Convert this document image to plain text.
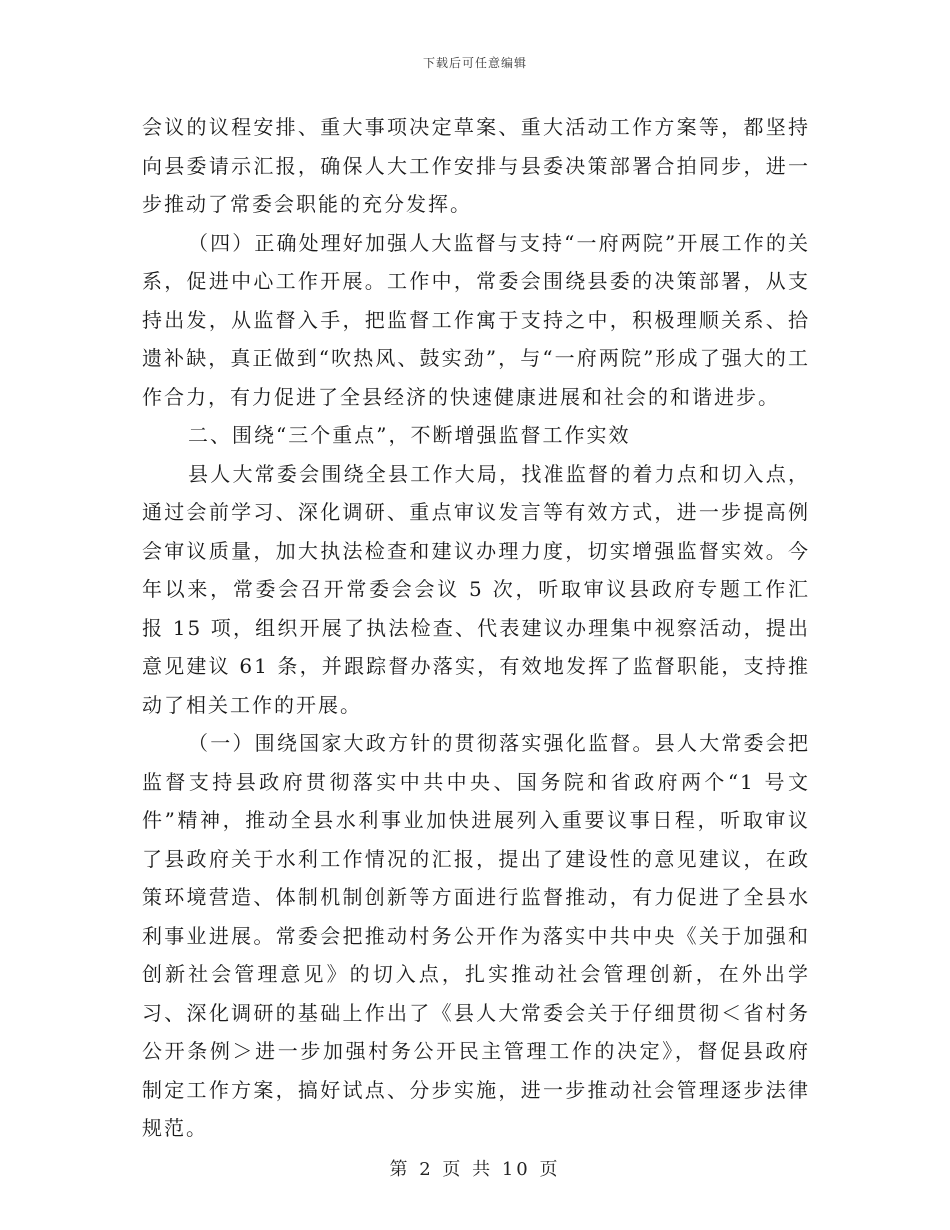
下载后可任意编辑

会议的议程安排、重大事项决定草案、重大活动工作方案等，都坚持向县委请示汇报，确保人大工作安排与县委决策部署合拍同步，进一步推动了常委会职能的充分发挥。

（四）正确处理好加强人大监督与支持“一府两院”开展工作的关系，促进中心工作开展。工作中，常委会围绕县委的决策部署，从支持出发，从监督入手，把监督工作寓于支持之中，积极理顺关系、拾遗补缺，真正做到“吹热风、鼓实劲”，与“一府两院”形成了强大的工作合力，有力促进了全县经济的快速健康进展和社会的和谐进步。

二、围绕“三个重点”，不断增强监督工作实效

县人大常委会围绕全县工作大局，找准监督的着力点和切入点，通过会前学习、深化调研、重点审议发言等有效方式，进一步提高例会审议质量，加大执法检查和建议办理力度，切实增强监督实效。今年以来，常委会召开常委会会议 5 次，听取审议县政府专题工作汇报 15 项，组织开展了执法检查、代表建议办理集中视察活动，提出意见建议 61 条，并跟踪督办落实，有效地发挥了监督职能，支持推动了相关工作的开展。

（一）围绕国家大政方针的贯彻落实强化监督。县人大常委会把监督支持县政府贯彻落实中共中央、国务院和省政府两个“1 号文件”精神，推动全县水利事业加快进展列入重要议事日程，听取审议了县政府关于水利工作情况的汇报，提出了建设性的意见建议，在政策环境营造、体制机制创新等方面进行监督推动，有力促进了全县水利事业进展。常委会把推动村务公开作为落实中共中央《关于加强和创新社会管理意见》的切入点，扎实推动社会管理创新，在外出学习、深化调研的基础上作出了《县人大常委会关于仔细贯彻＜省村务公开条例＞进一步加强村务公开民主管理工作的决定》，督促县政府制定工作方案，搞好试点、分步实施，进一步推动社会管理逐步法律规范。

第 2 页 共 10 页
